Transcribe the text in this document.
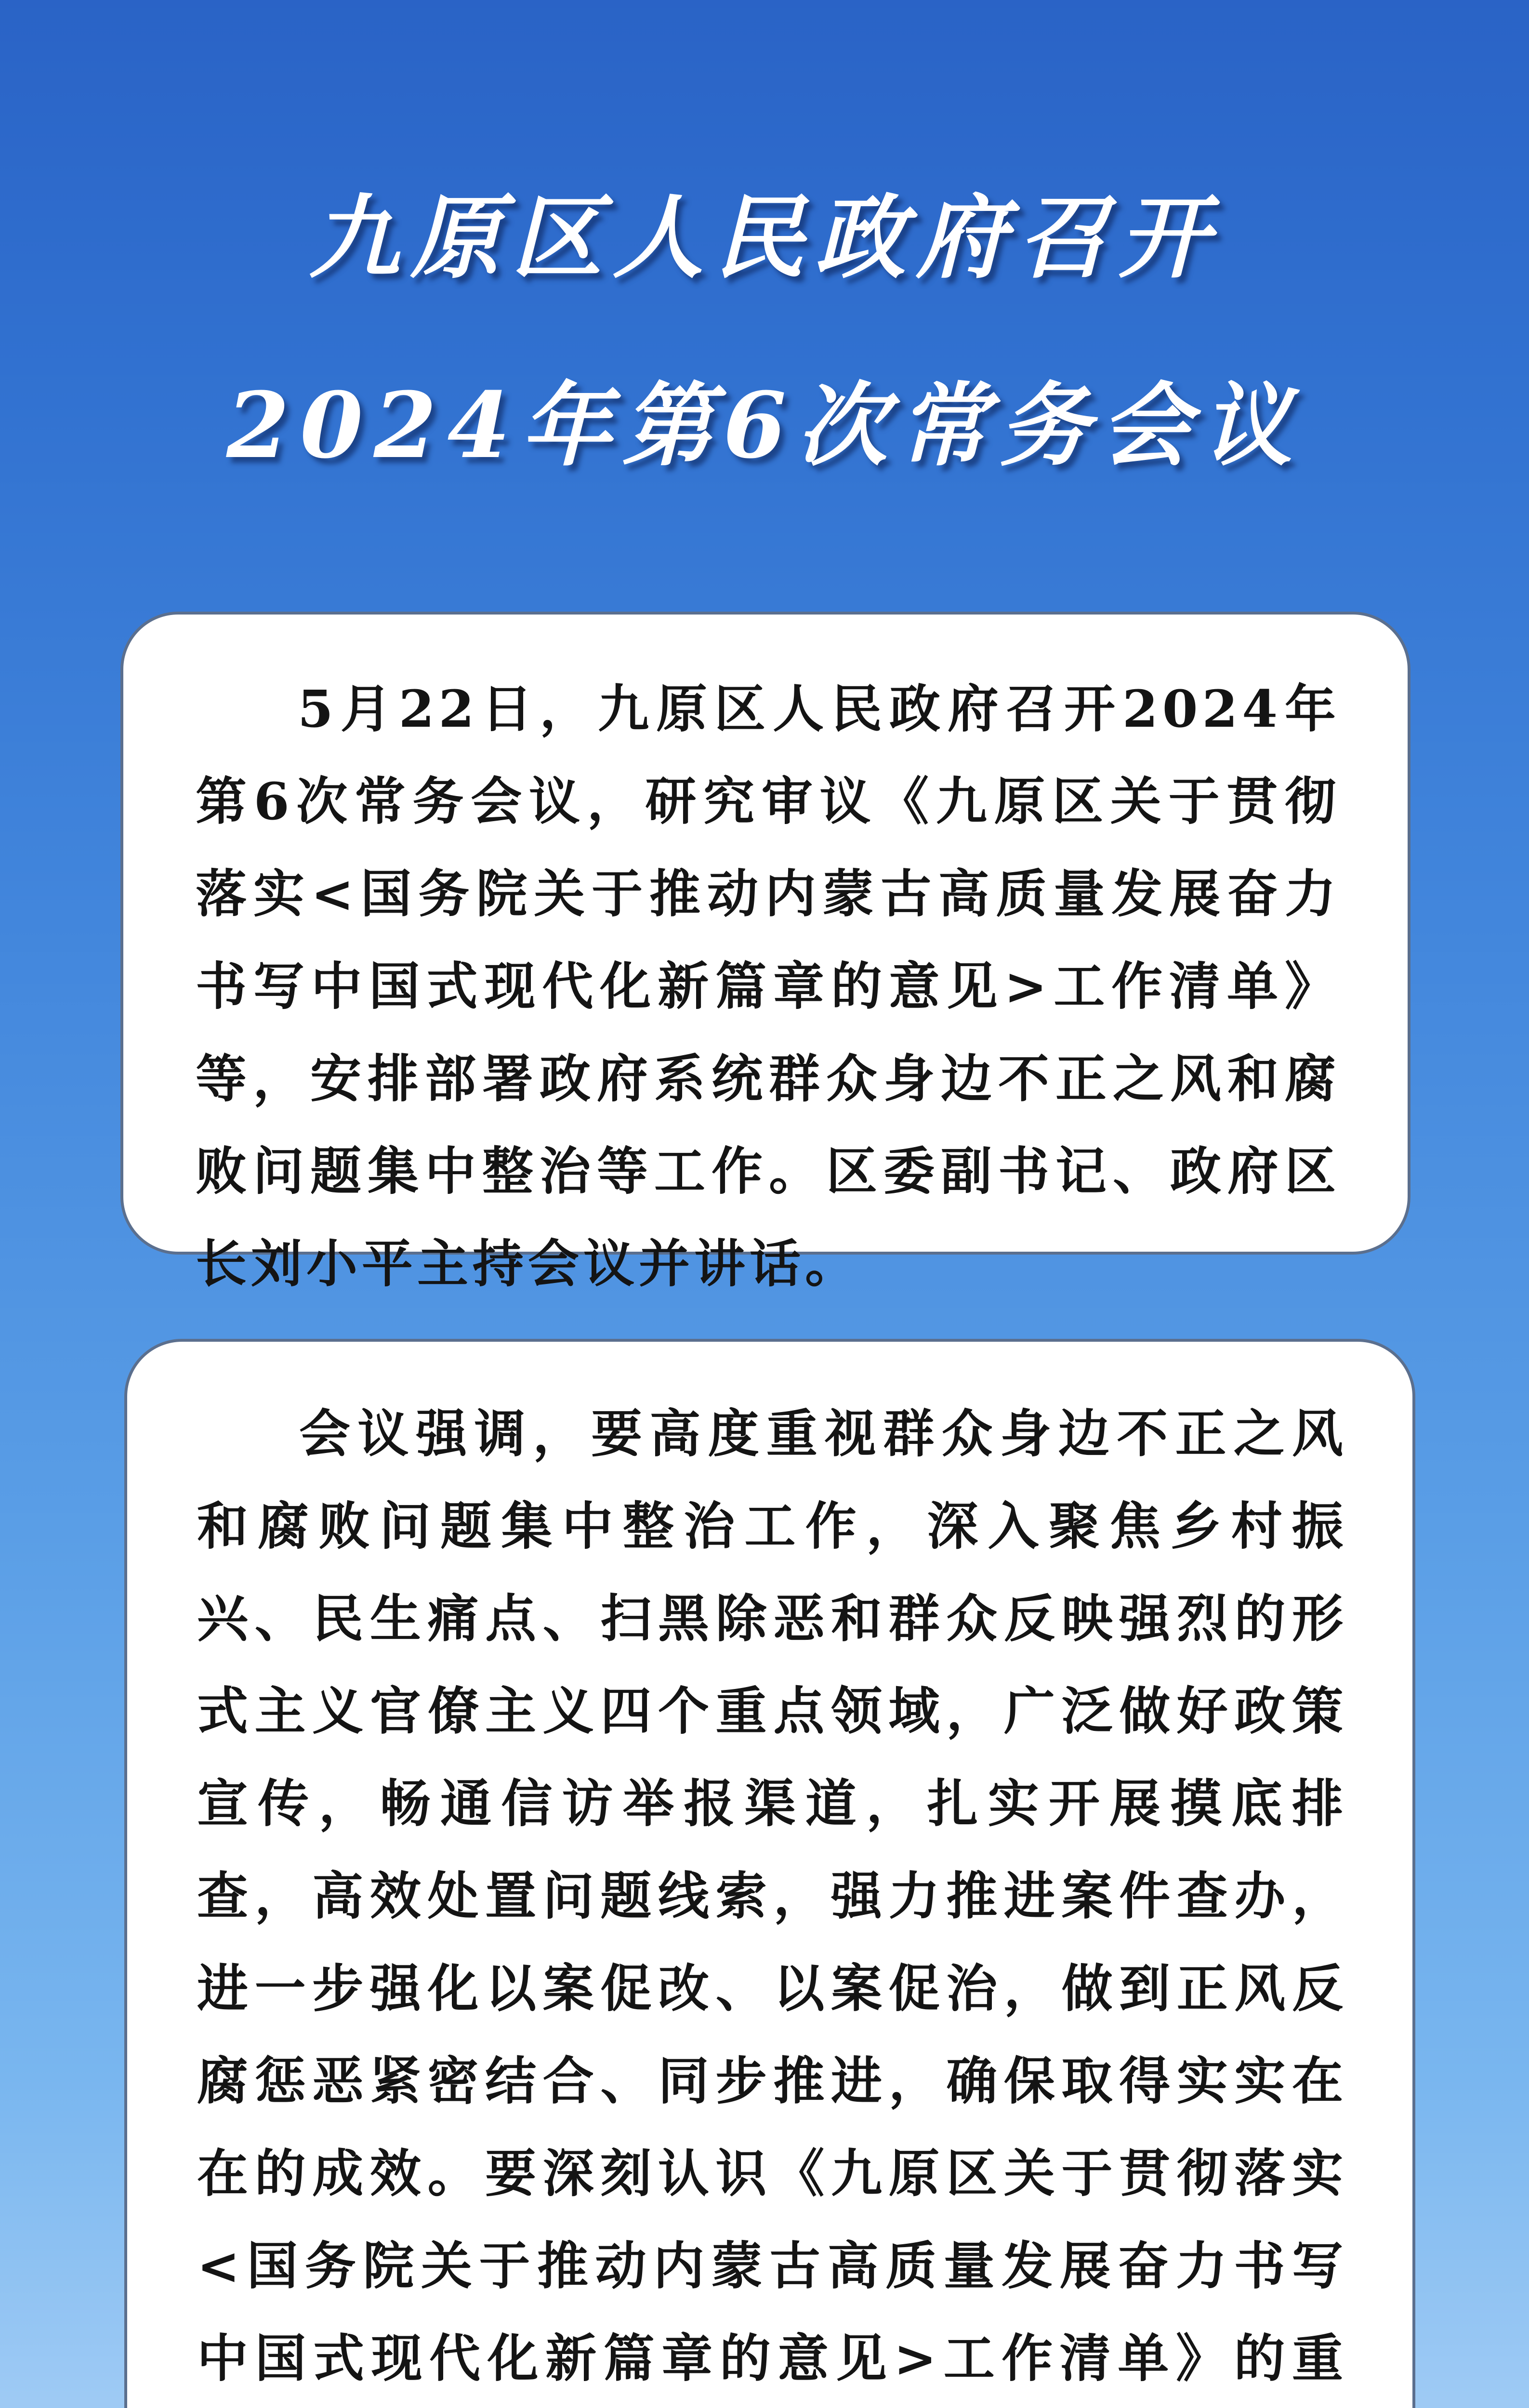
九原区人民政府召开
2024年第6次常务会议

5月22日，九原区人民政府召开2024年第6次常务会议，研究审议《九原区关于贯彻落实<国务院关于推动内蒙古高质量发展奋力书写中国式现代化新篇章的意见>工作清单》等，安排部署政府系统群众身边不正之风和腐败问题集中整治等工作。区委副书记、政府区长刘小平主持会议并讲话。

会议强调，要高度重视群众身边不正之风和腐败问题集中整治工作，深入聚焦乡村振兴、民生痛点、扫黑除恶和群众反映强烈的形式主义官僚主义四个重点领域，广泛做好政策宣传，畅通信访举报渠道，扎实开展摸底排查，高效处置问题线索，强力推进案件查办，进一步强化以案促改、以案促治，做到正风反腐惩恶紧密结合、同步推进，确保取得实实在在的成效。要深刻认识《九原区关于贯彻落实<国务院关于推动内蒙古高质量发展奋力书写中国式现代化新篇章的意见>工作清单》的重
